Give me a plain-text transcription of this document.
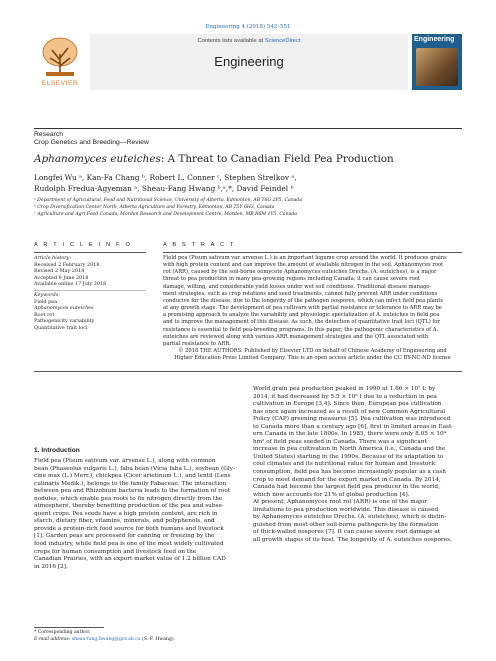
Engineering 4 (2018) 542–551
ELSEVIER
Contents lists available at ScienceDirect
Engineering
Engineering
Research
Crop Genetics and Breeding—Review
Aphanomyces euteiches: A Threat to Canadian Field Pea Production
Longfei Wu ᵃ, Kan-Fa Chang ᵇ, Robert L. Conner ᶜ, Stephen Strelkov ᵃ,
Rudolph Fredua-Agyeman ᵃ, Sheau-Fang Hwang ᵇ,ᵃ,*, David Feindel ᵇ
ᵃ Department of Agricultural, Food and Nutritional Science, University of Alberta, Edmonton, AB T6G 2P5, Canada
ᵇ Crop Diversification Center North, Alberta Agriculture and Forestry, Edmonton, AB T5Y 6H3, Canada
ᶜ Agriculture and Agri-Food Canada, Morden Research and Development Centre, Morden, MB R6M 1Y5, Canada
A R T I C L E I N F O	A B S T R A C T
Article history:
Received 2 February 2018
Revised 2 May 2018
Accepted 8 June 2018
Available online 17 July 2018
Keywords:
Field pea
Aphanomyces euteiches
Root rot
Pathogenicity variability
Quantitative trait loci
Field pea (Pisum sativum var. arvense L.) is an important legume crop around the world. It produces grains
with high protein content and can improve the amount of available nitrogen in the soil. Aphanomyces root
rot (ARR), caused by the soil-borne oomycete Aphanomyces euteiches Drechs. (A. euteiches), is a major
threat to pea production in many pea-growing regions including Canada; it can cause severe root
damage, wilting, and considerable yield losses under wet soil conditions. Traditional disease manage-
ment strategies, such as crop rotations and seed treatments, cannot fully prevent ARR under conditions
conducive for the disease, due to the longevity of the pathogen oospores, which can infect field pea plants
at any growth stage. The development of pea cultivars with partial resistance or tolerance to ARR may be
a promising approach to analyze the variability and physiologic specialization of A. euteiches in field pea
and to improve the management of this disease. As such, the detection of quantitative trait loci (QTL) for
resistance is essential to field pea-breeding programs. In this paper, the pathogenic characteristics of A.
euteiches are reviewed along with various ARR management strategies and the QTL associated with
partial resistance to ARR.
© 2018 THE AUTHORS. Published by Elsevier LTD on behalf of Chinese Academy of Engineering and
Higher Education Press Limited Company. This is an open access article under the CC BY-NC-ND license
1. Introduction
Field pea (Pisum sativum var. arvense L.), along with common
bean (Phaseolus vulgaris L.), faba bean (Vicia faba L.), soybean (Gly-
cine max (L.) Merr.), chickpea (Cicer arietinum L.), and lentil (Lens
culinaris Medik.), belongs to the family Fabaceae. The interaction
between pea and Rhizobium bacteria leads to the formation of root
nodules, which enable pea roots to fix nitrogen directly from the
atmosphere, thereby benefiting production of the pea and subse-
quent crops. Pea seeds have a high protein content, are rich in
starch, dietary fiber, vitamins, minerals, and polyphenols, and
provide a protein-rich food source for both humans and livestock
[1]. Garden peas are processed for canning or freezing by the
food industry, while field pea is one of the most widely cultivated
crops for human consumption and livestock feed on the
Canadian Prairies, with an export market value of 1.2 billion CAD
in 2016 [2].
World grain pea production peaked in 1990 at 1.66 × 10⁷ t; by
2014, it had decreased by 5.5 × 10⁶ t due to a reduction in pea
cultivation in Europe [3,4]. Since then, European pea cultivation
has once again increased as a result of new Common Agricultural
Policy (CAP) greening measures [5]. Pea cultivation was introduced
to Canada more than a century ago [6], first in limited areas in East-
ern Canada in the late 1800s. In 1985, there were only 8.05 × 10⁴
hm² of field peas seeded in Canada. There was a significant
increase in pea cultivation in North America (i.e., Canada and the
United States) starting in the 1990s. Because of its adaptation to
cool climates and its nutritional value for human and livestock
consumption, field pea has become increasingly popular as a cash
crop to meet demand for the export market in Canada. By 2014,
Canada had become the largest field pea producer in the world,
which now accounts for 21% of global production [4].
At present, Aphanomyces root rot (ARR) is one of the major
limitations to pea production worldwide. This disease is caused
by Aphanomyces euteiches Drechs. (A. euteiches), which is distin-
guished from most other soil-borne pathogens by the formation
of thick-walled oospores [7]. It can cause severe root damage at
all growth stages of its host. The longevity of A. euteiches oospores,
* Corresponding author.
E-mail address: sheau-fang.hwang@gov.ab.ca (S.-F. Hwang).
